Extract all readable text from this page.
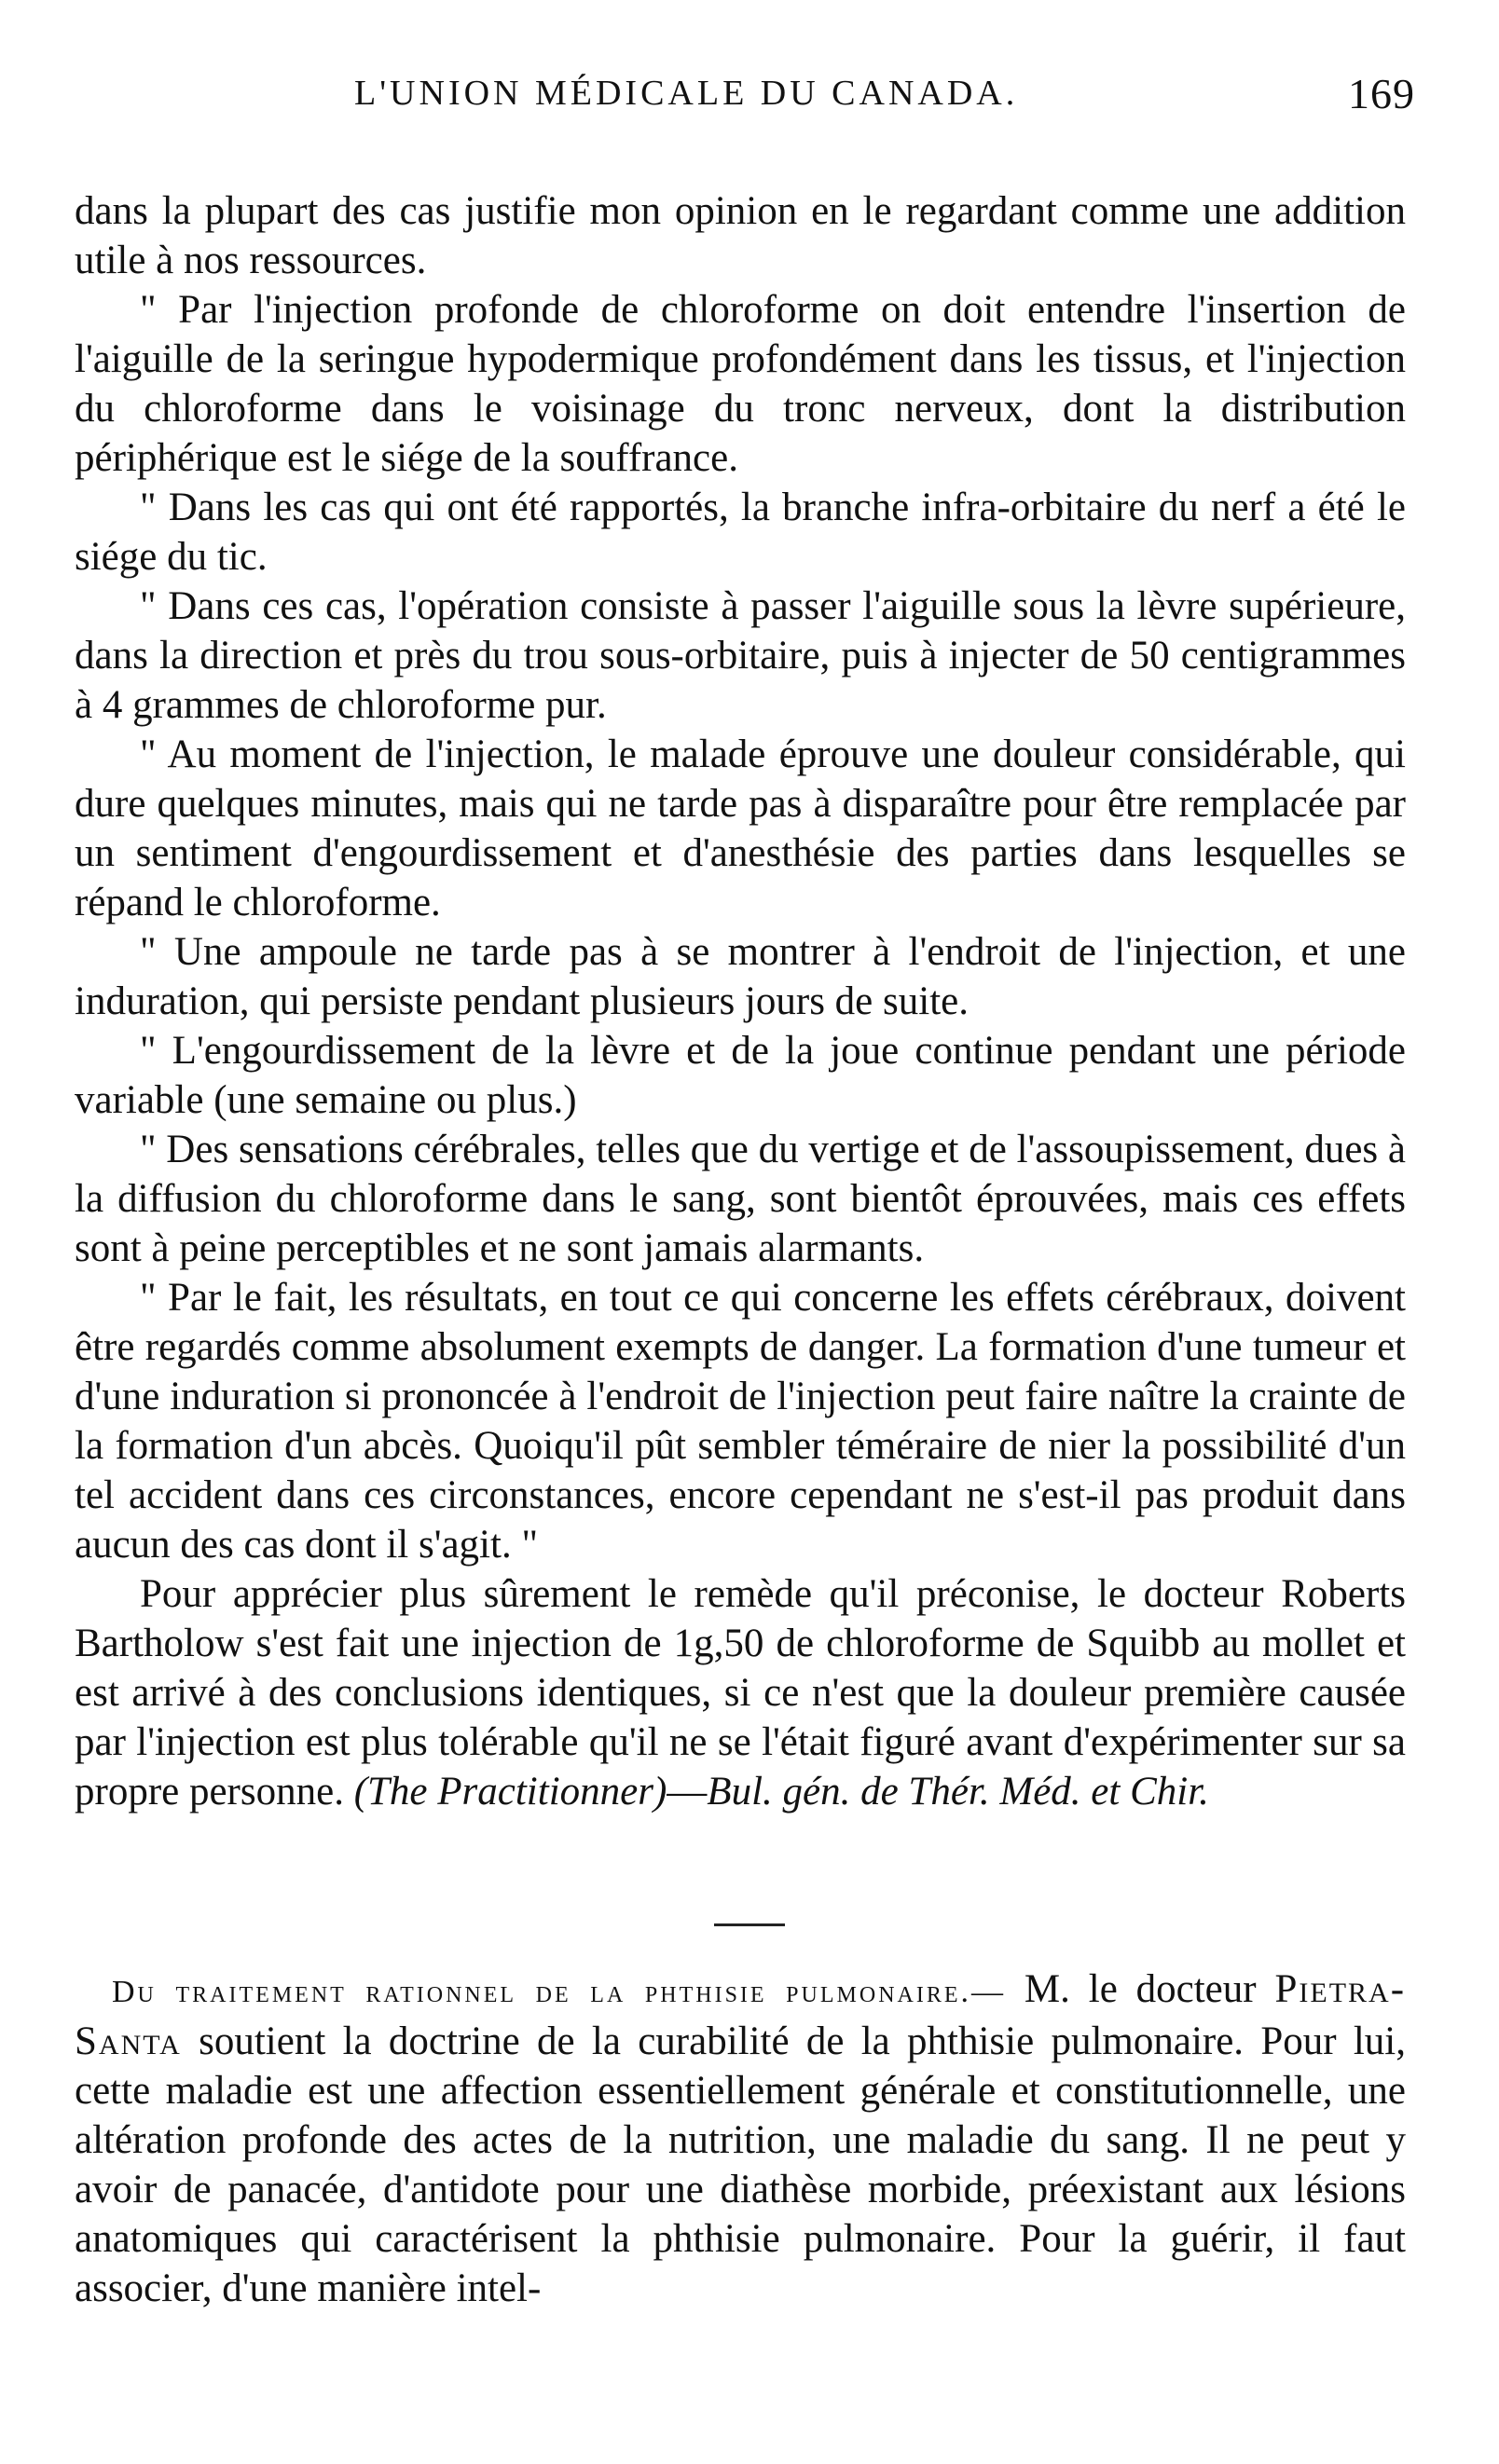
L'UNION MÉDICALE DU CANADA.	169

dans la plupart des cas justifie mon opinion en le regardant comme une addition utile à nos ressources.

" Par l'injection profonde de chloroforme on doit entendre l'insertion de l'aiguille de la seringue hypodermique profondément dans les tissus, et l'injection du chloroforme dans le voisinage du tronc nerveux, dont la distribution périphérique est le siége de la souffrance.

" Dans les cas qui ont été rapportés, la branche infra-orbitaire du nerf a été le siége du tic.

" Dans ces cas, l'opération consiste à passer l'aiguille sous la lèvre supérieure, dans la direction et près du trou sous-orbitaire, puis à injecter de 50 centigrammes à 4 grammes de chloroforme pur.

" Au moment de l'injection, le malade éprouve une douleur considérable, qui dure quelques minutes, mais qui ne tarde pas à disparaître pour être remplacée par un sentiment d'engourdissement et d'anesthésie des parties dans lesquelles se répand le chloroforme.

" Une ampoule ne tarde pas à se montrer à l'endroit de l'injection, et une induration, qui persiste pendant plusieurs jours de suite.

" L'engourdissement de la lèvre et de la joue continue pendant une période variable (une semaine ou plus.)

" Des sensations cérébrales, telles que du vertige et de l'assoupissement, dues à la diffusion du chloroforme dans le sang, sont bientôt éprouvées, mais ces effets sont à peine perceptibles et ne sont jamais alarmants.

" Par le fait, les résultats, en tout ce qui concerne les effets cérébraux, doivent être regardés comme absolument exempts de danger. La formation d'une tumeur et d'une induration si prononcée à l'endroit de l'injection peut faire naître la crainte de la formation d'un abcès. Quoiqu'il pût sembler téméraire de nier la possibilité d'un tel accident dans ces circonstances, encore cependant ne s'est-il pas produit dans aucun des cas dont il s'agit. "

Pour apprécier plus sûrement le remède qu'il préconise, le docteur Roberts Bartholow s'est fait une injection de 1g,50 de chloroforme de Squibb au mollet et est arrivé à des conclusions identiques, si ce n'est que la douleur première causée par l'injection est plus tolérable qu'il ne se l'était figuré avant d'expérimenter sur sa propre personne. (The Practitionner)—Bul. gén. de Thér. Méd. et Chir.

Du traitement rationnel de la phthisie pulmonaire.— M. le docteur Pietra-Santa soutient la doctrine de la curabilité de la phthisie pulmonaire. Pour lui, cette maladie est une affection essentiellement générale et constitutionnelle, une altération profonde des actes de la nutrition, une maladie du sang. Il ne peut y avoir de panacée, d'antidote pour une diathèse morbide, préexistant aux lésions anatomiques qui caractérisent la phthisie pulmonaire. Pour la guérir, il faut associer, d'une manière intel-
